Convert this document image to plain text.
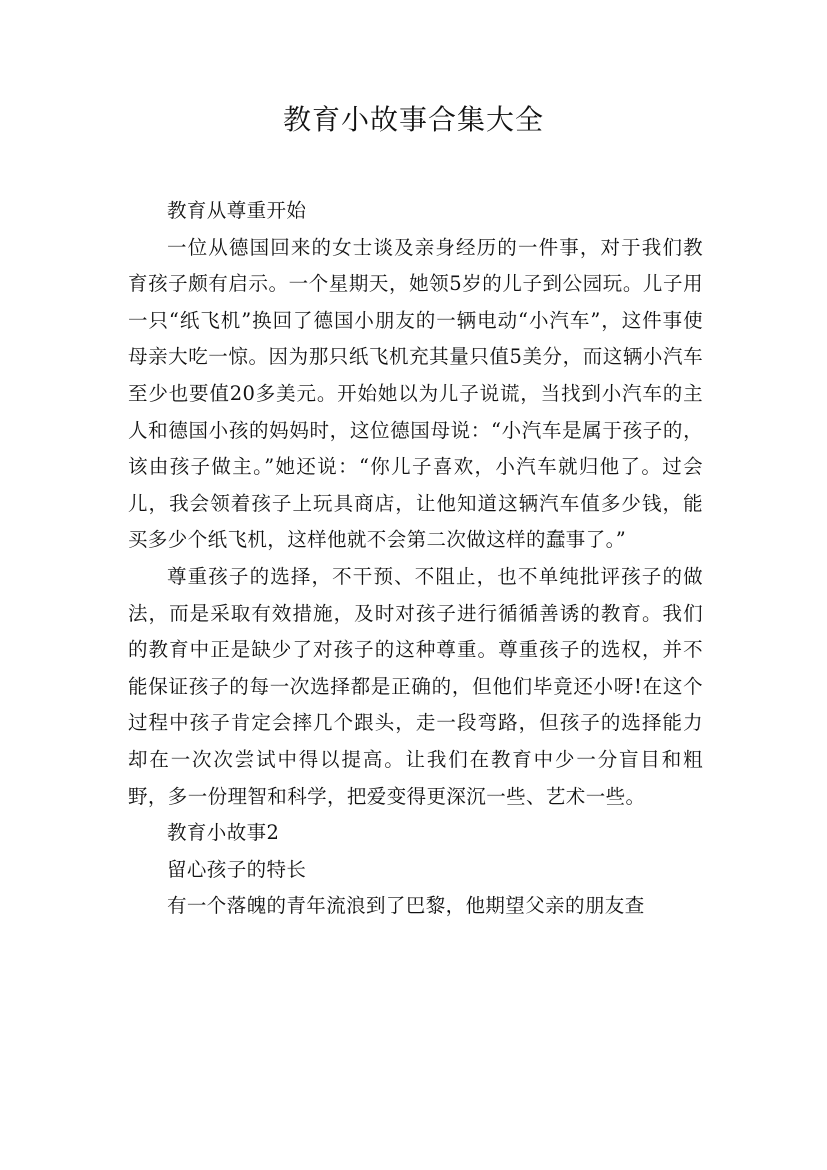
教育小故事合集大全

教育从尊重开始

一位从德国回来的女士谈及亲身经历的一件事，对于我们教育孩子颇有启示。一个星期天，她领5岁的儿子到公园玩。儿子用一只“纸飞机”换回了德国小朋友的一辆电动“小汽车”，这件事使母亲大吃一惊。因为那只纸飞机充其量只值5美分，而这辆小汽车至少也要值20多美元。开始她以为儿子说谎，当找到小汽车的主人和德国小孩的妈妈时，这位德国母说：“小汽车是属于孩子的，该由孩子做主。”她还说：“你儿子喜欢，小汽车就归他了。过会儿，我会领着孩子上玩具商店，让他知道这辆汽车值多少钱，能买多少个纸飞机，这样他就不会第二次做这样的蠢事了。”

尊重孩子的选择，不干预、不阻止，也不单纯批评孩子的做法，而是采取有效措施，及时对孩子进行循循善诱的教育。我们的教育中正是缺少了对孩子的这种尊重。尊重孩子的选权，并不能保证孩子的每一次选择都是正确的，但他们毕竟还小呀!在这个过程中孩子肯定会摔几个跟头，走一段弯路，但孩子的选择能力却在一次次尝试中得以提高。让我们在教育中少一分盲目和粗野，多一份理智和科学，把爱变得更深沉一些、艺术一些。

教育小故事2

留心孩子的特长

有一个落魄的青年流浪到了巴黎，他期望父亲的朋友查
